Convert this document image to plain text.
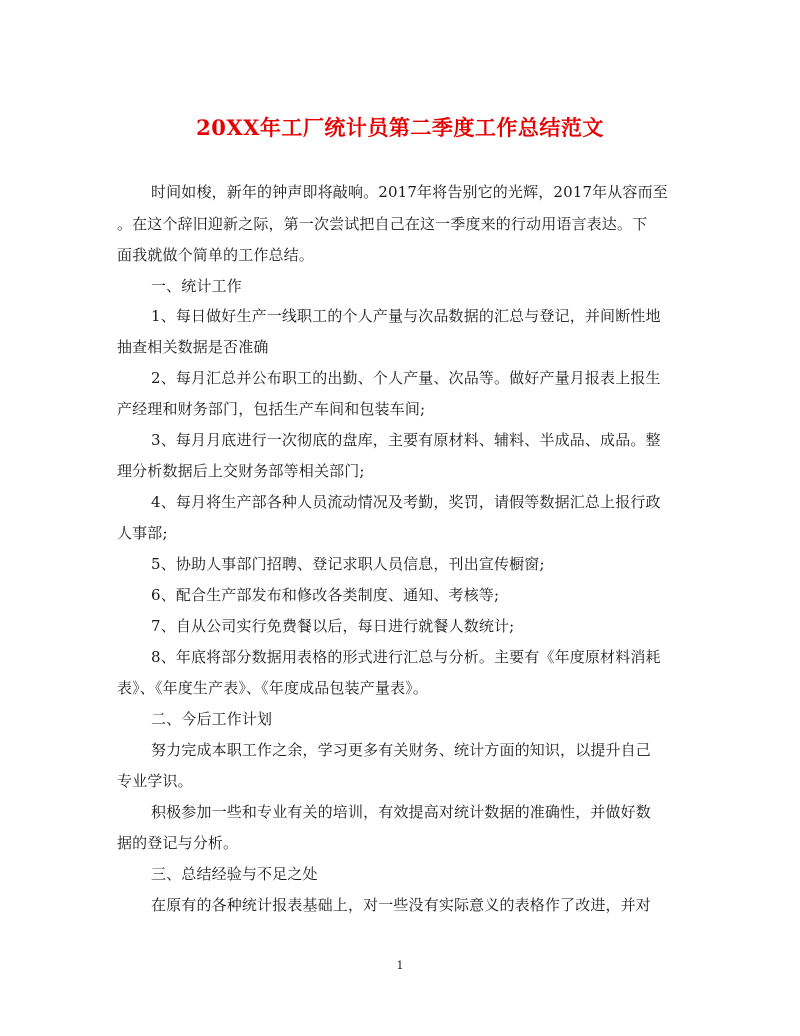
20XX年工厂统计员第二季度工作总结范文
时间如梭，新年的钟声即将敲响。2017年将告别它的光辉，2017年从容而至
。在这个辞旧迎新之际，第一次尝试把自己在这一季度来的行动用语言表达。下
面我就做个简单的工作总结。
一、统计工作
1、每日做好生产一线职工的个人产量与次品数据的汇总与登记，并间断性地
抽查相关数据是否准确
2、每月汇总并公布职工的出勤、个人产量、次品等。做好产量月报表上报生
产经理和财务部门，包括生产车间和包装车间;
3、每月月底进行一次彻底的盘库，主要有原材料、辅料、半成品、成品。整
理分析数据后上交财务部等相关部门;
4、每月将生产部各种人员流动情况及考勤，奖罚，请假等数据汇总上报行政
人事部;
5、协助人事部门招聘、登记求职人员信息，刊出宣传橱窗;
6、配合生产部发布和修改各类制度、通知、考核等;
7、自从公司实行免费餐以后，每日进行就餐人数统计;
8、年底将部分数据用表格的形式进行汇总与分析。主要有《年度原材料消耗
表》、《年度生产表》、《年度成品包装产量表》。
二、今后工作计划
努力完成本职工作之余，学习更多有关财务、统计方面的知识，以提升自己
专业学识。
积极参加一些和专业有关的培训，有效提高对统计数据的准确性，并做好数
据的登记与分析。
三、总结经验与不足之处
在原有的各种统计报表基础上，对一些没有实际意义的表格作了改进，并对
1
